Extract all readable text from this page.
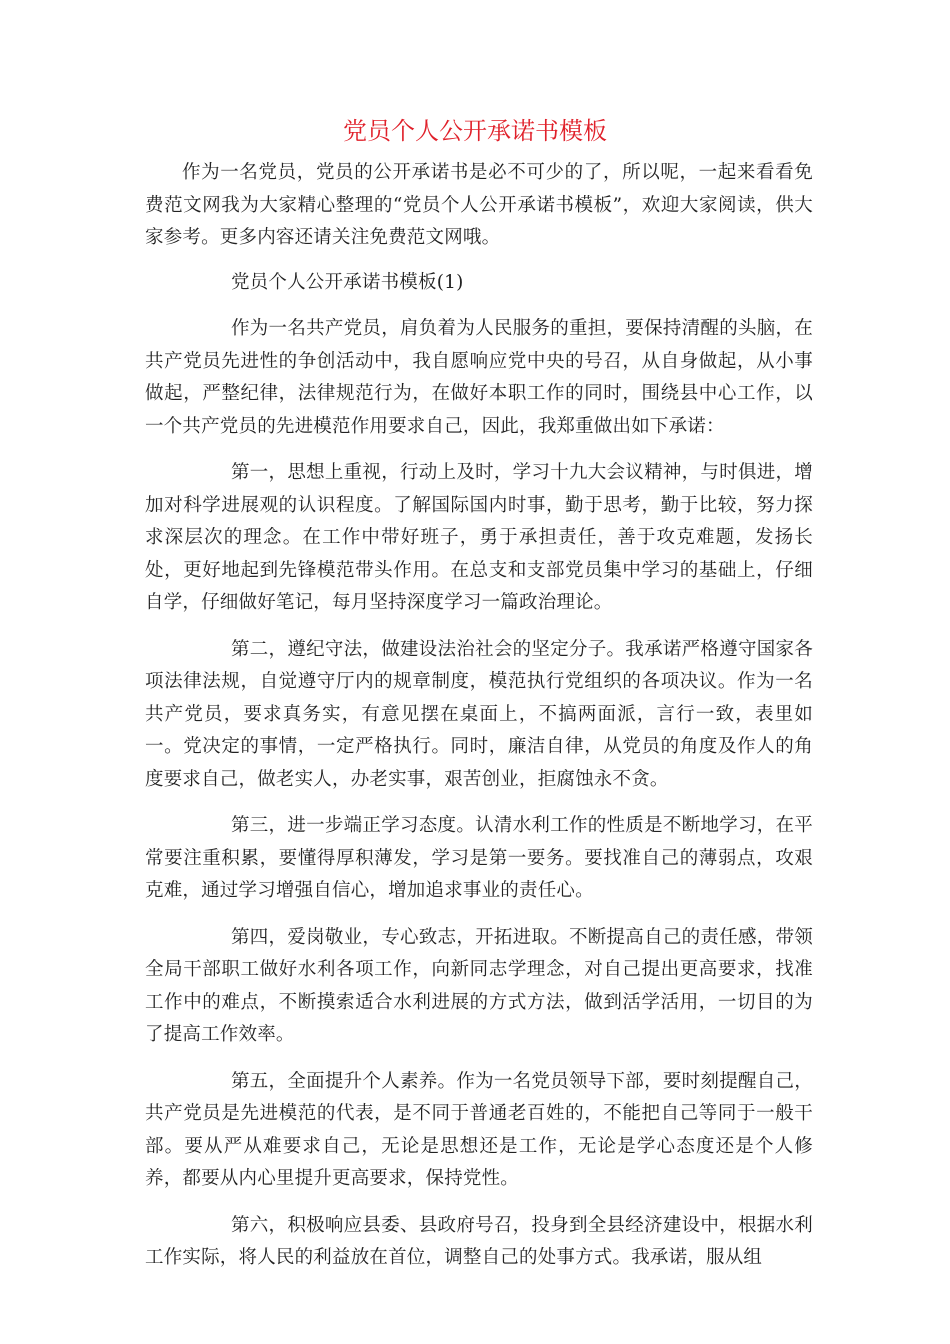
党员个人公开承诺书模板

作为一名党员，党员的公开承诺书是必不可少的了，所以呢，一起来看看免费范文网我为大家精心整理的“党员个人公开承诺书模板”，欢迎大家阅读，供大家参考。更多内容还请关注免费范文网哦。

党员个人公开承诺书模板(1)

作为一名共产党员，肩负着为人民服务的重担，要保持清醒的头脑，在共产党员先进性的争创活动中，我自愿响应党中央的号召，从自身做起，从小事做起，严整纪律，法律规范行为，在做好本职工作的同时，围绕县中心工作，以一个共产党员的先进模范作用要求自己，因此，我郑重做出如下承诺：

第一，思想上重视，行动上及时，学习十九大会议精神，与时俱进，增加对科学进展观的认识程度。了解国际国内时事，勤于思考，勤于比较，努力探求深层次的理念。在工作中带好班子，勇于承担责任，善于攻克难题，发扬长处，更好地起到先锋模范带头作用。在总支和支部党员集中学习的基础上，仔细自学，仔细做好笔记，每月坚持深度学习一篇政治理论。

第二，遵纪守法，做建设法治社会的坚定分子。我承诺严格遵守国家各项法律法规，自觉遵守厅内的规章制度，模范执行党组织的各项决议。作为一名共产党员，要求真务实，有意见摆在桌面上，不搞两面派，言行一致，表里如一。党决定的事情，一定严格执行。同时，廉洁自律，从党员的角度及作人的角度要求自己，做老实人，办老实事，艰苦创业，拒腐蚀永不贪。

第三，进一步端正学习态度。认清水利工作的性质是不断地学习，在平常要注重积累，要懂得厚积薄发，学习是第一要务。要找准自己的薄弱点，攻艰克难，通过学习增强自信心，增加追求事业的责任心。

第四，爱岗敬业，专心致志，开拓进取。不断提高自己的责任感，带领全局干部职工做好水利各项工作，向新同志学理念，对自己提出更高要求，找准工作中的难点，不断摸索适合水利进展的方式方法，做到活学活用，一切目的为了提高工作效率。

第五，全面提升个人素养。作为一名党员领导下部，要时刻提醒自己，共产党员是先进模范的代表，是不同于普通老百姓的，不能把自己等同于一般干部。要从严从难要求自己，无论是思想还是工作，无论是学心态度还是个人修养，都要从内心里提升更高要求，保持党性。

第六，积极响应县委、县政府号召，投身到全县经济建设中，根据水利工作实际，将人民的利益放在首位，调整自己的处事方式。我承诺，服从组
